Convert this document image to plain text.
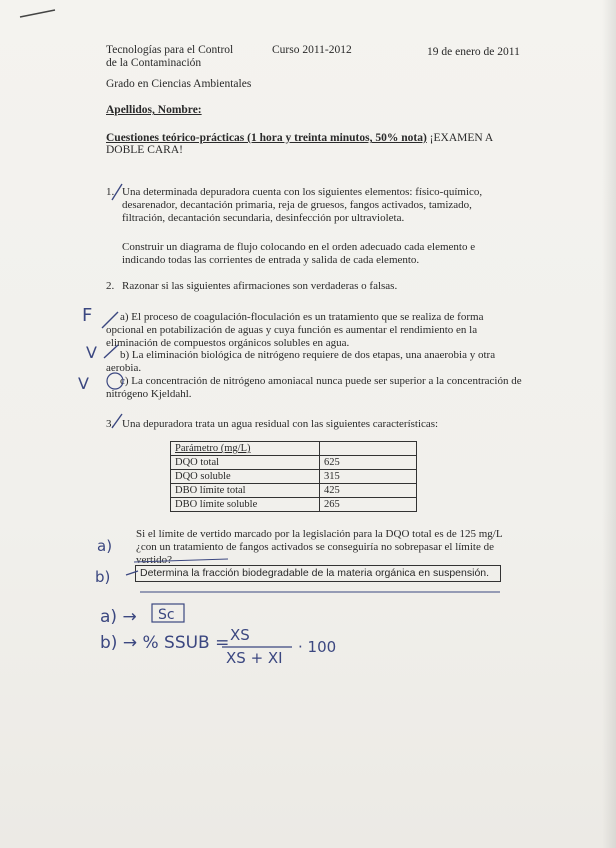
Tecnologías para el Control
de la Contaminación
Curso 2011-2012	19 de enero de 2011
Grado en Ciencias Ambientales
Apellidos, Nombre:
Cuestiones teórico-prácticas (1 hora y treinta minutos, 50% nota) ¡EXAMEN A
DOBLE CARA!
1. Una determinada depuradora cuenta con los siguientes elementos: físico-químico,
desarenador, decantación primaria, reja de gruesos, fangos activados, tamizado,
filtración, decantación secundaria, desinfección por ultravioleta.
Construir un diagrama de flujo colocando en el orden adecuado cada elemento e
indicando todas las corrientes de entrada y salida de cada elemento.
2. Razonar si las siguientes afirmaciones son verdaderas o falsas.
a) El proceso de coagulación-floculación es un tratamiento que se realiza de forma
opcional en potabilización de aguas y cuya función es aumentar el rendimiento en la
eliminación de compuestos orgánicos solubles en agua.
b) La eliminación biológica de nitrógeno requiere de dos etapas, una anaerobia y otra
aerobia.
c) La concentración de nitrógeno amoniacal nunca puede ser superior a la concentración de
nitrógeno Kjeldahl.
3. Una depuradora trata un agua residual con las siguientes características:
Parámetro (mg/L)	
DQO total	625
DQO soluble	315
DBO límite total	425
DBO límite soluble	265
Si el límite de vertido marcado por la legislación para la DQO total es de 125 mg/L
¿con un tratamiento de fangos activados se conseguiría no sobrepasar el límite de
vertido?
Determina la fracción biodegradable de la materia orgánica en suspensión.
F
V
V
a)
b)
a) → Sc
b) → % SSUB = XS
XS + XI
· 100
